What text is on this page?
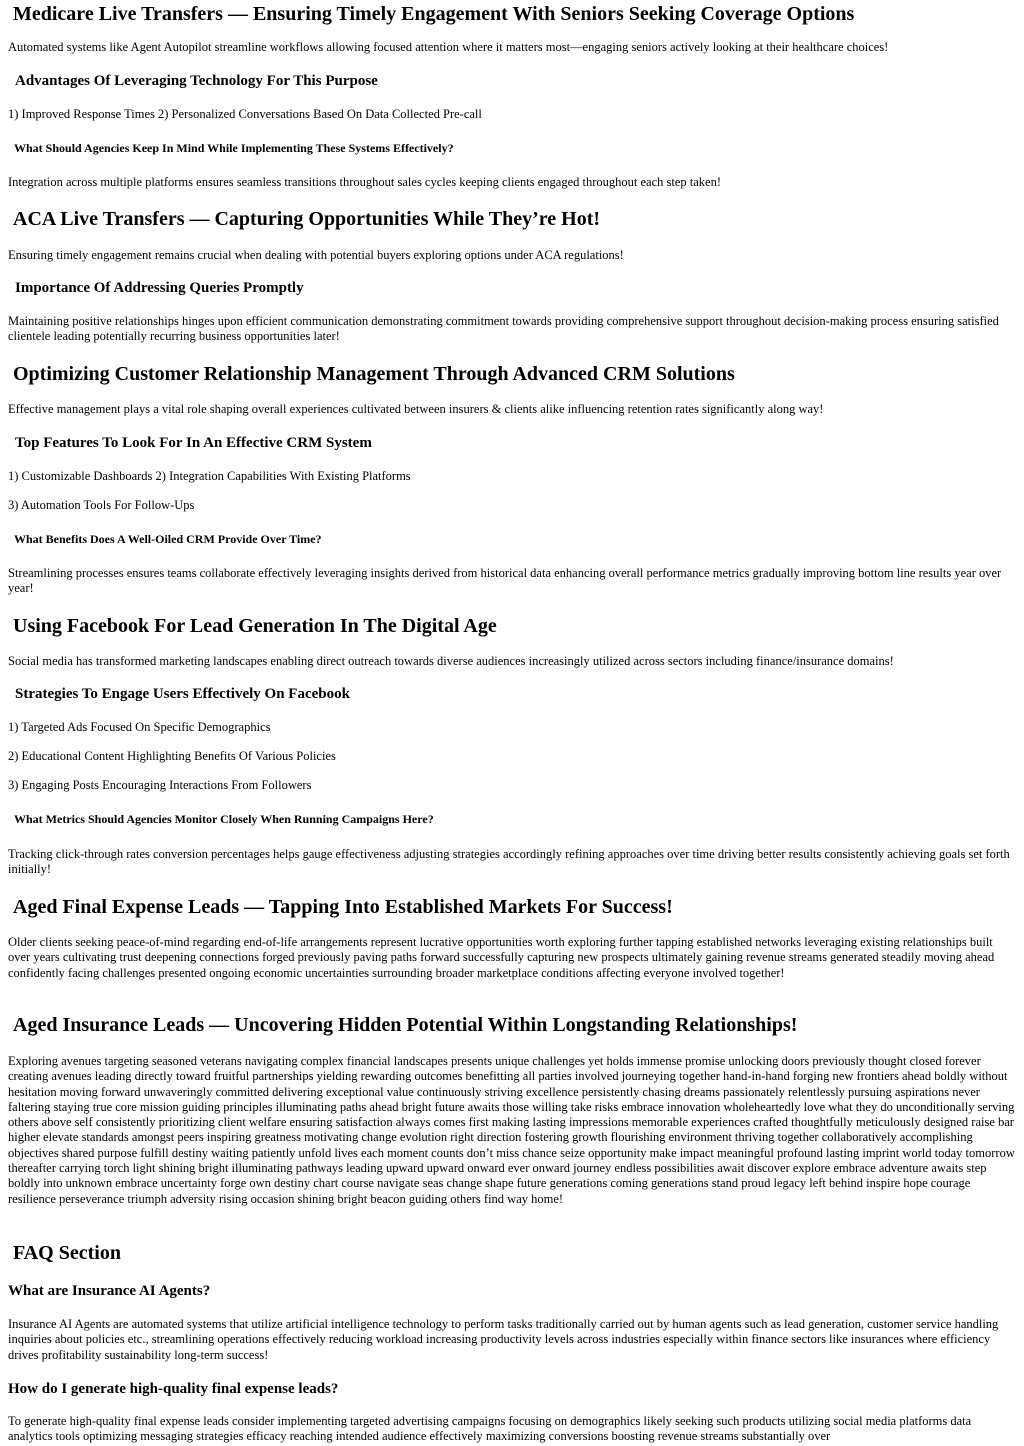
Medicare Live Transfers — Ensuring Timely Engagement With Seniors Seeking Coverage Options

Automated systems like Agent Autopilot streamline workflows allowing focused attention where it matters most—engaging seniors actively looking at their healthcare choices!

Advantages Of Leveraging Technology For This Purpose

1) Improved Response Times 2) Personalized Conversations Based On Data Collected Pre-call

What Should Agencies Keep In Mind While Implementing These Systems Effectively?

Integration across multiple platforms ensures seamless transitions throughout sales cycles keeping clients engaged throughout each step taken!

ACA Live Transfers — Capturing Opportunities While They’re Hot!

Ensuring timely engagement remains crucial when dealing with potential buyers exploring options under ACA regulations!

Importance Of Addressing Queries Promptly

Maintaining positive relationships hinges upon efficient communication demonstrating commitment towards providing comprehensive support throughout decision-making process ensuring satisfied clientele leading potentially recurring business opportunities later!

Optimizing Customer Relationship Management Through Advanced CRM Solutions

Effective management plays a vital role shaping overall experiences cultivated between insurers & clients alike influencing retention rates significantly along way!

Top Features To Look For In An Effective CRM System

1) Customizable Dashboards 2) Integration Capabilities With Existing Platforms

3) Automation Tools For Follow-Ups

What Benefits Does A Well-Oiled CRM Provide Over Time?

Streamlining processes ensures teams collaborate effectively leveraging insights derived from historical data enhancing overall performance metrics gradually improving bottom line results year over year!

Using Facebook For Lead Generation In The Digital Age

Social media has transformed marketing landscapes enabling direct outreach towards diverse audiences increasingly utilized across sectors including finance/insurance domains!

Strategies To Engage Users Effectively On Facebook

1) Targeted Ads Focused On Specific Demographics

2) Educational Content Highlighting Benefits Of Various Policies

3) Engaging Posts Encouraging Interactions From Followers

What Metrics Should Agencies Monitor Closely When Running Campaigns Here?

Tracking click-through rates conversion percentages helps gauge effectiveness adjusting strategies accordingly refining approaches over time driving better results consistently achieving goals set forth initially!

Aged Final Expense Leads — Tapping Into Established Markets For Success!

Older clients seeking peace-of-mind regarding end-of-life arrangements represent lucrative opportunities worth exploring further tapping established networks leveraging existing relationships built over years cultivating trust deepening connections forged previously paving paths forward successfully capturing new prospects ultimately gaining revenue streams generated steadily moving ahead confidently facing challenges presented ongoing economic uncertainties surrounding broader marketplace conditions affecting everyone involved together!

Aged Insurance Leads — Uncovering Hidden Potential Within Longstanding Relationships!

Exploring avenues targeting seasoned veterans navigating complex financial landscapes presents unique challenges yet holds immense promise unlocking doors previously thought closed forever creating avenues leading directly toward fruitful partnerships yielding rewarding outcomes benefitting all parties involved journeying together hand-in-hand forging new frontiers ahead boldly without hesitation moving forward unwaveringly committed delivering exceptional value continuously striving excellence persistently chasing dreams passionately relentlessly pursuing aspirations never faltering staying true core mission guiding principles illuminating paths ahead bright future awaits those willing take risks embrace innovation wholeheartedly love what they do unconditionally serving others above self consistently prioritizing client welfare ensuring satisfaction always comes first making lasting impressions memorable experiences crafted thoughtfully meticulously designed raise bar higher elevate standards amongst peers inspiring greatness motivating change evolution right direction fostering growth flourishing environment thriving together collaboratively accomplishing objectives shared purpose fulfill destiny waiting patiently unfold lives each moment counts don’t miss chance seize opportunity make impact meaningful profound lasting imprint world today tomorrow thereafter carrying torch light shining bright illuminating pathways leading upward upward onward ever onward journey endless possibilities await discover explore embrace adventure awaits step boldly into unknown embrace uncertainty forge own destiny chart course navigate seas change shape future generations coming generations stand proud legacy left behind inspire hope courage resilience perseverance triumph adversity rising occasion shining bright beacon guiding others find way home!

FAQ Section
What are Insurance AI Agents?

Insurance AI Agents are automated systems that utilize artificial intelligence technology to perform tasks traditionally carried out by human agents such as lead generation, customer service handling inquiries about policies etc., streamlining operations effectively reducing workload increasing productivity levels across industries especially within finance sectors like insurances where efficiency drives profitability sustainability long-term success!

How do I generate high-quality final expense leads?

To generate high-quality final expense leads consider implementing targeted advertising campaigns focusing on demographics likely seeking such products utilizing social media platforms data analytics tools optimizing messaging strategies efficacy reaching intended audience effectively maximizing conversions boosting revenue streams substantially over
